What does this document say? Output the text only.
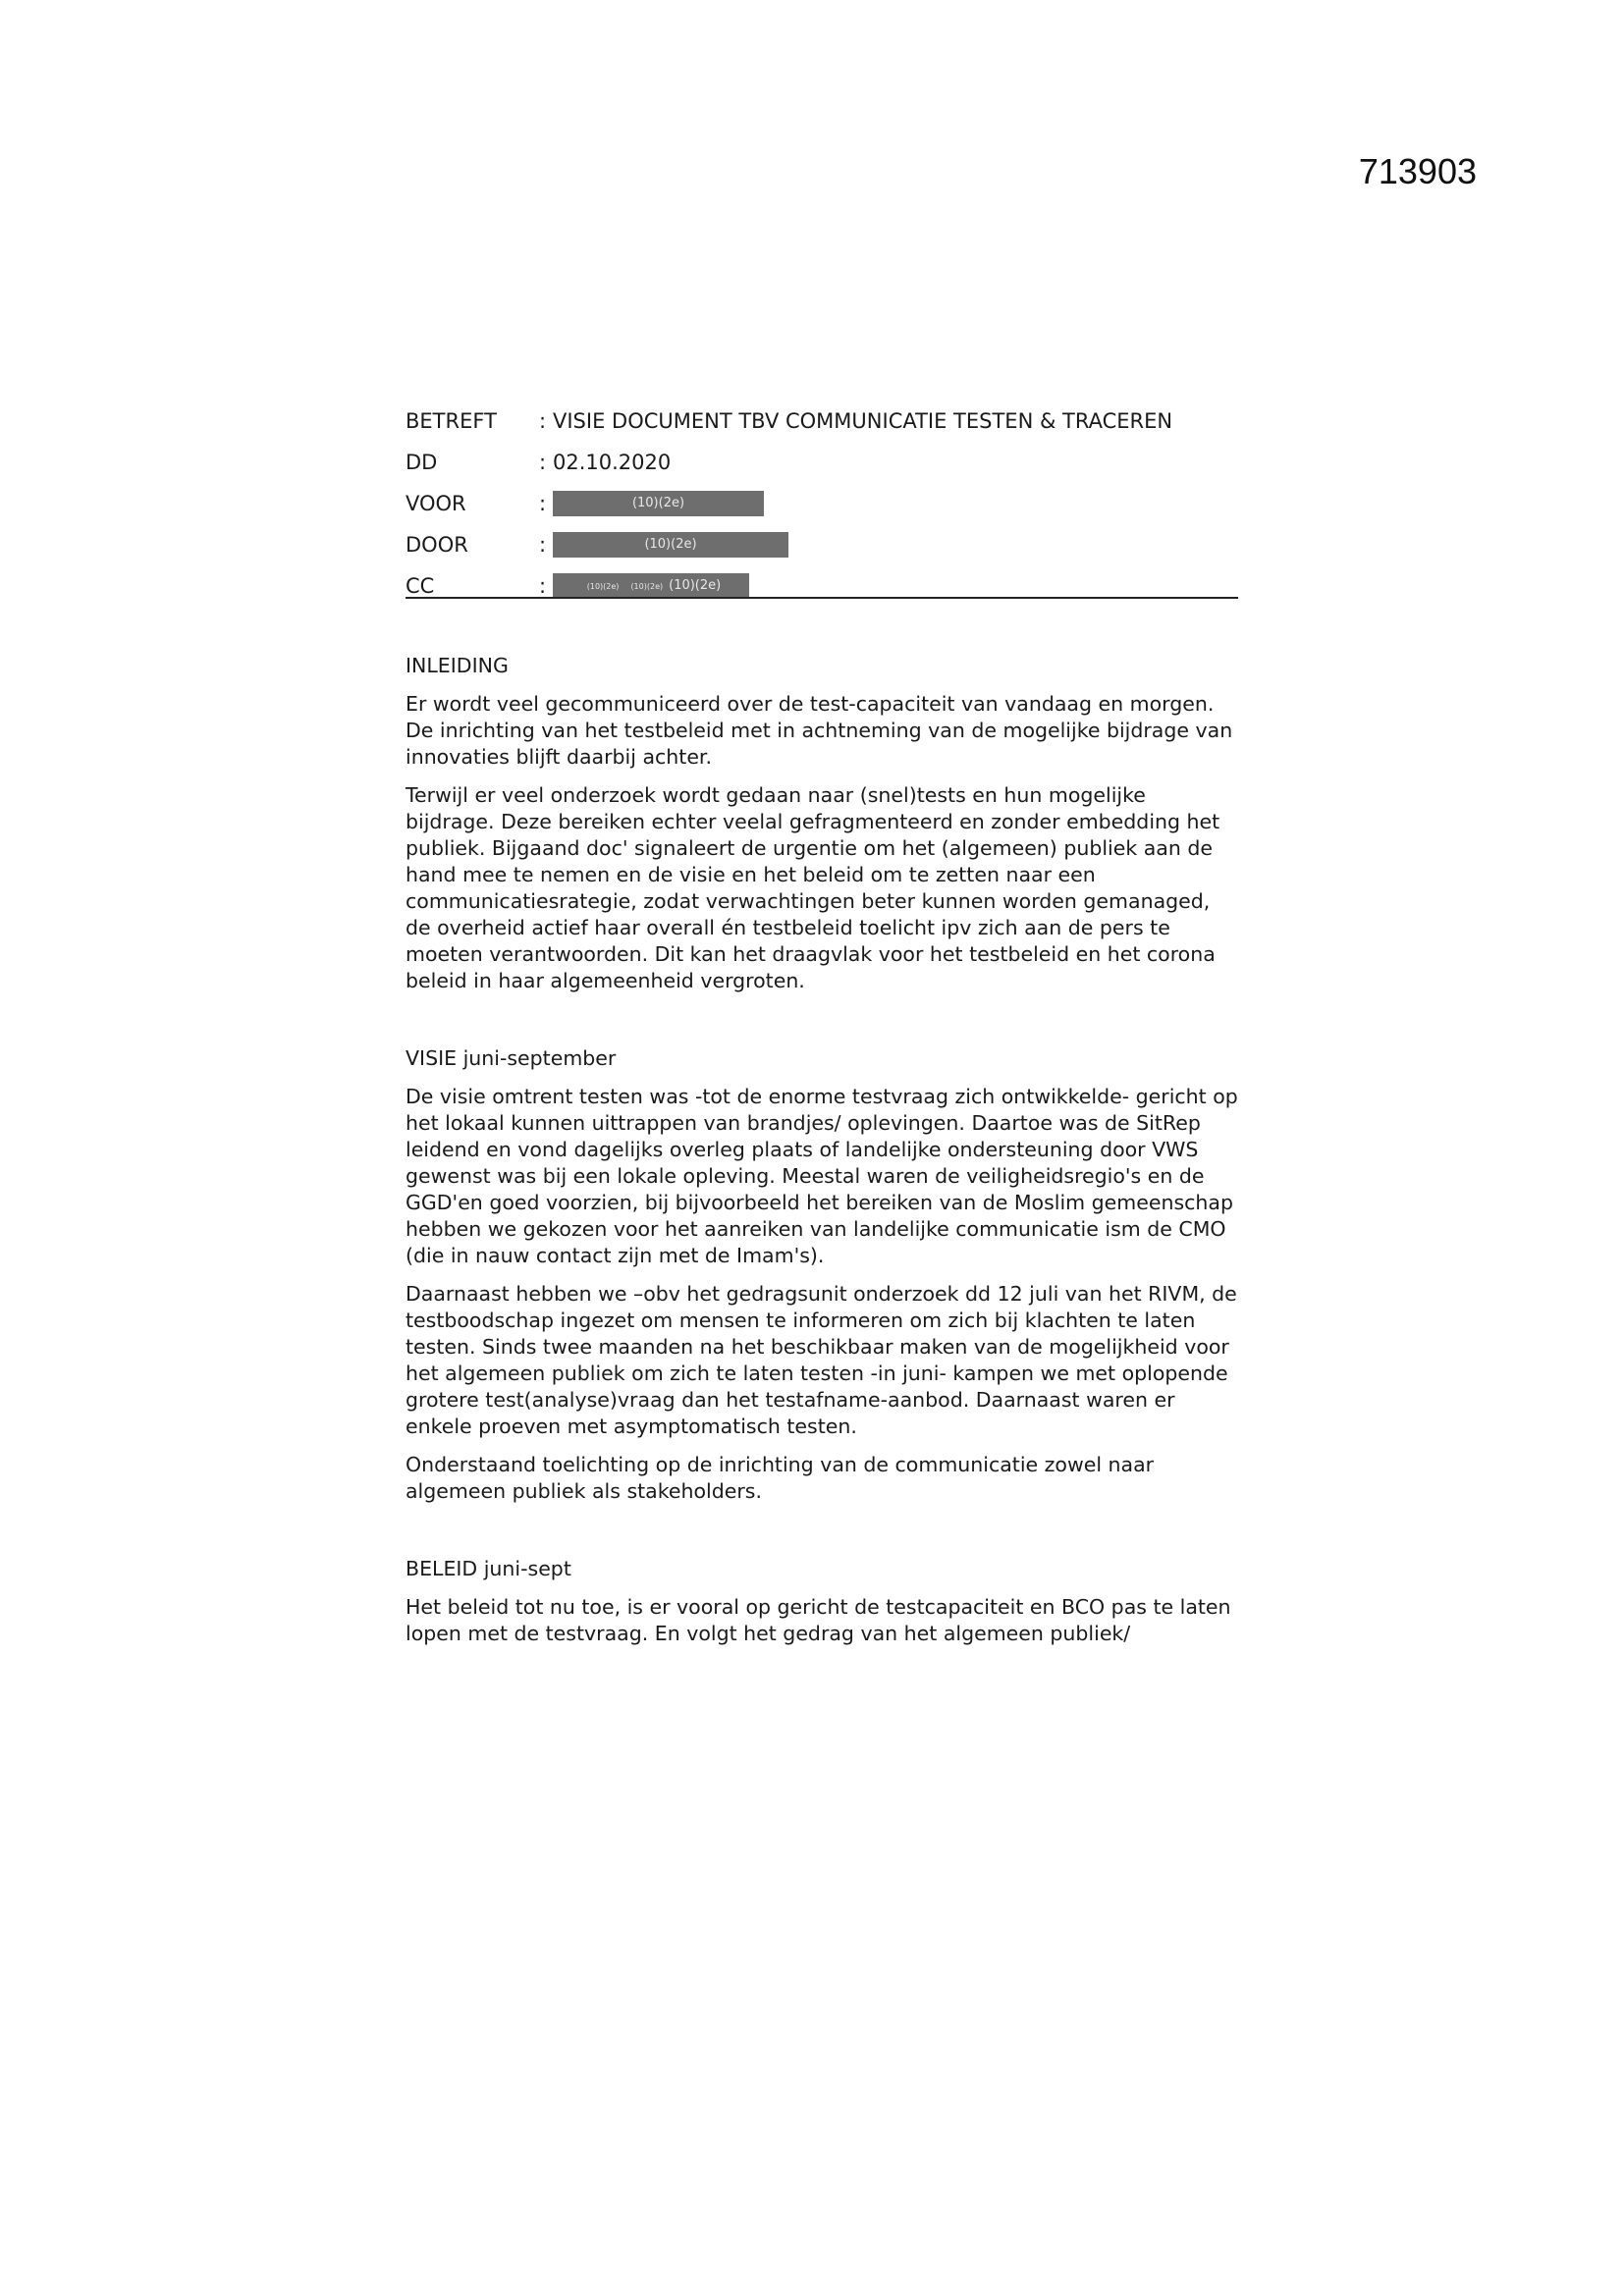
713903
BETREFT	: VISIE DOCUMENT TBV COMMUNICATIE TESTEN & TRACEREN
DD	: 02.10.2020
VOOR	:	(10)(2e)
DOOR	:	(10)(2e)
CC	:	(10)(2e) (10)(2e) (10)(2e)
INLEIDING

Er wordt veel gecommuniceerd over de test-capaciteit van vandaag en morgen. De inrichting van het testbeleid met in achtneming van de mogelijke bijdrage van innovaties blijft daarbij achter.

Terwijl er veel onderzoek wordt gedaan naar (snel)tests en hun mogelijke bijdrage. Deze bereiken echter veelal gefragmenteerd en zonder embedding het publiek. Bijgaand doc' signaleert de urgentie om het (algemeen) publiek aan de hand mee te nemen en de visie en het beleid om te zetten naar een communicatiesrategie, zodat verwachtingen beter kunnen worden gemanaged, de overheid actief haar overall én testbeleid toelicht ipv zich aan de pers te moeten verantwoorden. Dit kan het draagvlak voor het testbeleid en het corona beleid in haar algemeenheid vergroten.

VISIE juni-september

De visie omtrent testen was -tot de enorme testvraag zich ontwikkelde- gericht op het lokaal kunnen uittrappen van brandjes/ oplevingen. Daartoe was de SitRep leidend en vond dagelijks overleg plaats of landelijke ondersteuning door VWS gewenst was bij een lokale opleving. Meestal waren de veiligheidsregio's en de GGD'en goed voorzien, bij bijvoorbeeld het bereiken van de Moslim gemeenschap hebben we gekozen voor het aanreiken van landelijke communicatie ism de CMO (die in nauw contact zijn met de Imam's).

Daarnaast hebben we –obv het gedragsunit onderzoek dd 12 juli van het RIVM, de testboodschap ingezet om mensen te informeren om zich bij klachten te laten testen. Sinds twee maanden na het beschikbaar maken van de mogelijkheid voor het algemeen publiek om zich te laten testen -in juni- kampen we met oplopende grotere test(analyse)vraag dan het testafname-aanbod. Daarnaast waren er enkele proeven met asymptomatisch testen.

Onderstaand toelichting op de inrichting van de communicatie zowel naar algemeen publiek als stakeholders.

BELEID juni-sept

Het beleid tot nu toe, is er vooral op gericht de testcapaciteit en BCO pas te laten lopen met de testvraag. En volgt het gedrag van het algemeen publiek/
